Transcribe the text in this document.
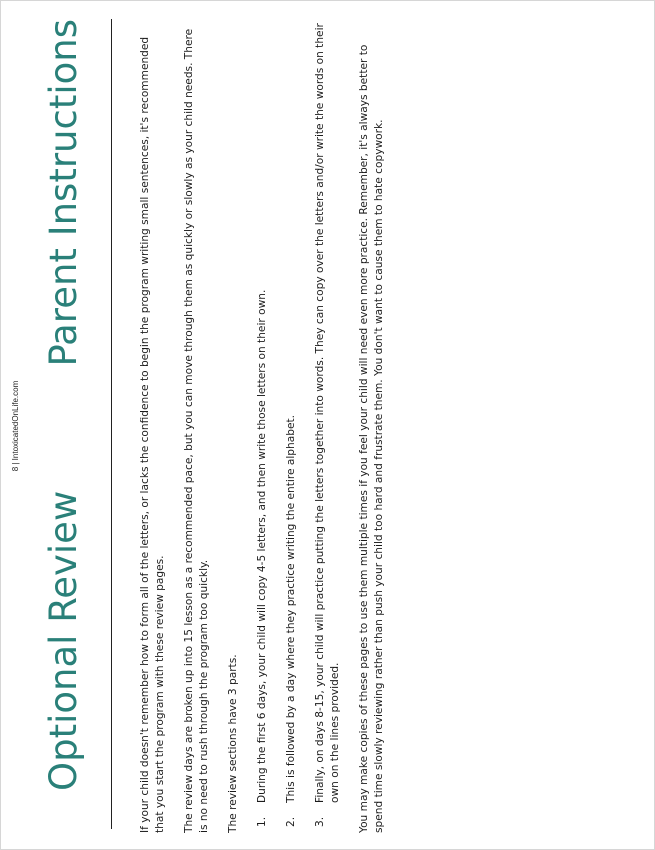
8 | IntoxicatedOnLife.com
Optional Review
Parent Instructions	If your child doesn't remember how to form all of the letters, or lacks the confidence to begin the program writing small sentences, it's recommended that you start the program with these review pages. The review days are broken up into 15 lesson as a recommended pace, but you can move through them as quickly or slowly as your child needs. There is no need to rush through the program too quickly. The review sections have 3 parts. 1.
During the first 6 days, your child will copy 4-5 letters, and then write those letters on their own.
2.
This is followed by a day where they practice writing the entire alphabet.
3.
Finally, on days 8-15, your child will practice putting the letters together into words. They can copy over the letters and/or write the words on their own on the lines provided. You may make copies of these pages to use them multiple times if you feel your child will need even more practice. Remember, it's always better to spend time slowly reviewing rather than push your child too hard and frustrate them. You don't want to cause them to hate copywork.
